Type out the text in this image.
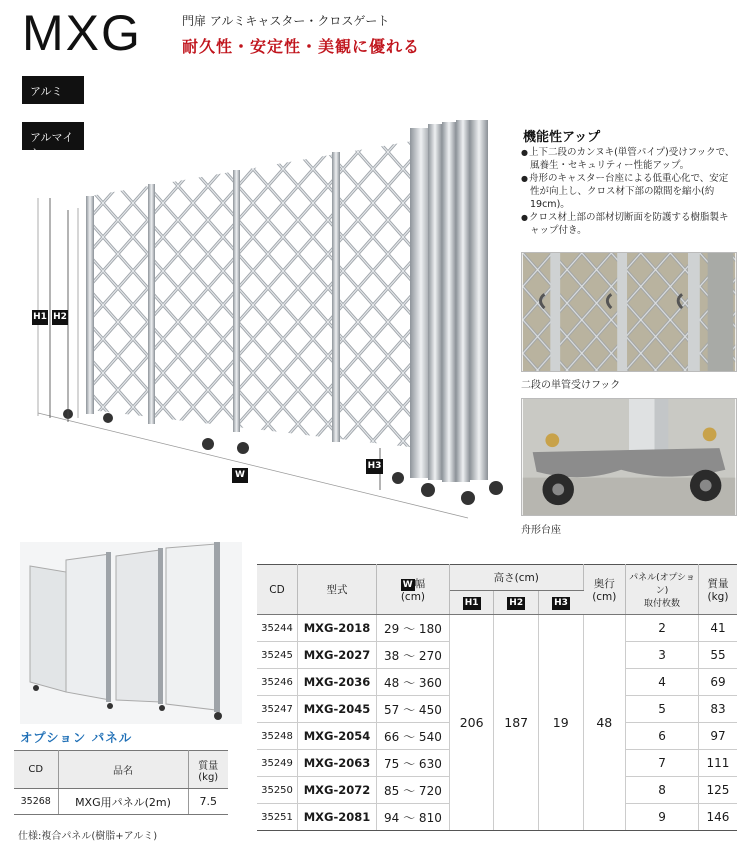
MXG	門扉 アルミキャスター・クロスゲート
耐久性・安定性・美観に優れる
アルミ
アルマイト
H1 H2
H3
W
機能性アップ
● 上下二段のカンヌキ(単管パイプ)受けフックで、風養生・セキュリティー性能アップ。
● 舟形のキャスター台座による低重心化で、安定性が向上し、クロス材下部の隙間を縮小(約19cm)。
● クロス材上部の部材切断面を防護する樹脂製キャップ付き。
二段の単管受けフック
舟形台座
オプション パネル
CD	品名	質量
(kg)
35268	MXG用パネル(2m)	7.5
仕様:複合パネル(樹脂+アルミ)
CD	型式	W 幅
(cm)	高さ(cm)			奥行
(cm)	パネル(オプション)
取付枚数	質量
(kg)
			H1	H2	H3			
35244	MXG-2018	29 ～ 180	206	187	19	48	2	41
35245	MXG-2027	38 ～ 270					3	55
35246	MXG-2036	48 ～ 360					4	69
35247	MXG-2045	57 ～ 450					5	83
35248	MXG-2054	66 ～ 540					6	97
35249	MXG-2063	75 ～ 630					7	111
35250	MXG-2072	85 ～ 720					8	125
35251	MXG-2081	94 ～ 810					9	146
